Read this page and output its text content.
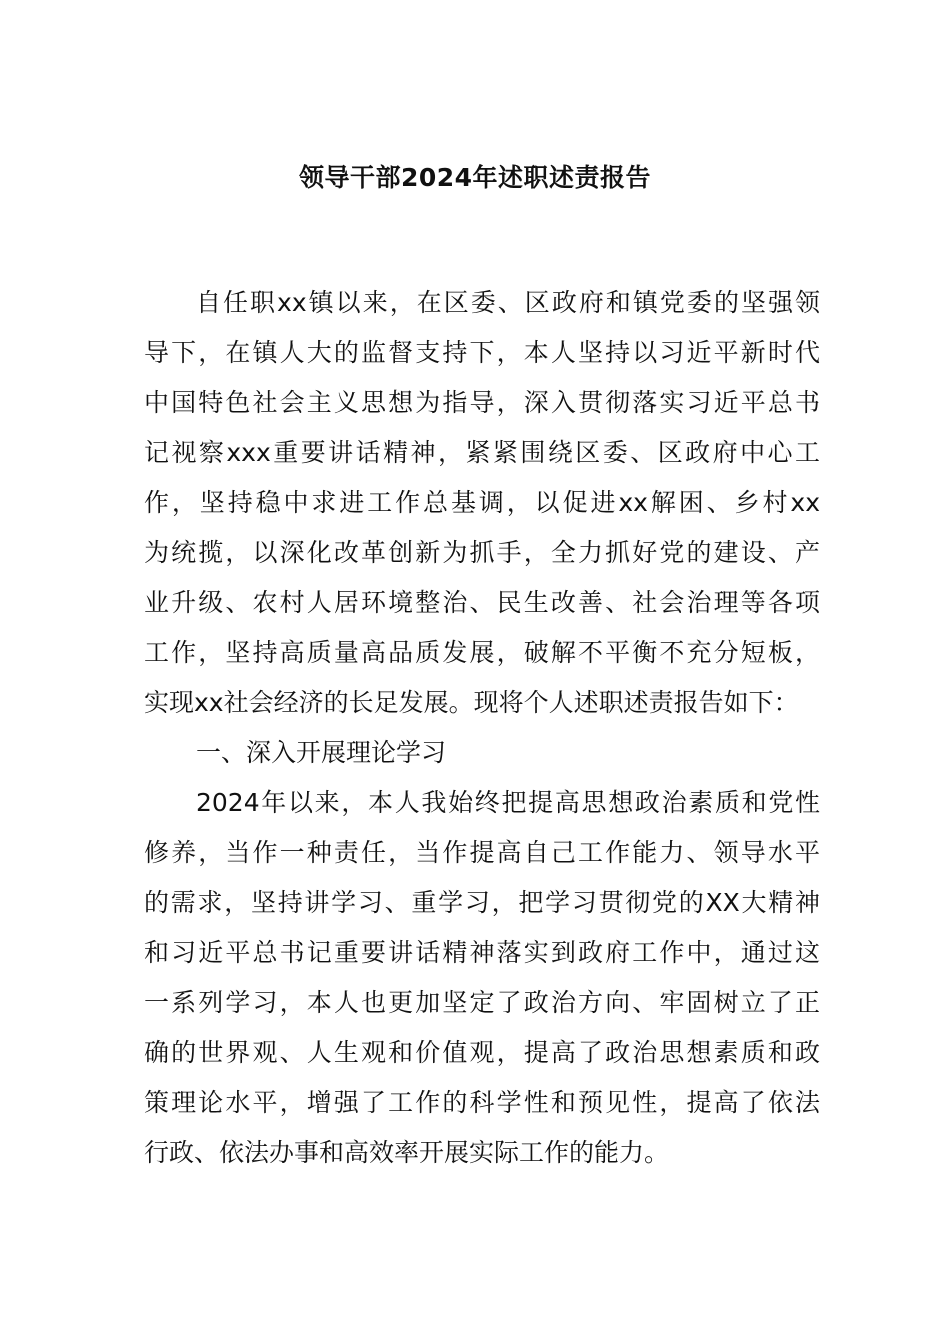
领导干部2024年述职述责报告
自任职xx镇以来，在区委、区政府和镇党委的坚强领
导下，在镇人大的监督支持下，本人坚持以习近平新时代
中国特色社会主义思想为指导，深入贯彻落实习近平总书
记视察xxx重要讲话精神，紧紧围绕区委、区政府中心工
作，坚持稳中求进工作总基调，以促进xx解困、乡村xx
为统揽，以深化改革创新为抓手，全力抓好党的建设、产
业升级、农村人居环境整治、民生改善、社会治理等各项
工作，坚持高质量高品质发展，破解不平衡不充分短板，
实现xx社会经济的长足发展。现将个人述职述责报告如下：
一、深入开展理论学习
2024年以来，本人我始终把提高思想政治素质和党性
修养，当作一种责任，当作提高自己工作能力、领导水平
的需求，坚持讲学习、重学习，把学习贯彻党的XX大精神
和习近平总书记重要讲话精神落实到政府工作中，通过这
一系列学习，本人也更加坚定了政治方向、牢固树立了正
确的世界观、人生观和价值观，提高了政治思想素质和政
策理论水平，增强了工作的科学性和预见性，提高了依法
行政、依法办事和高效率开展实际工作的能力。
